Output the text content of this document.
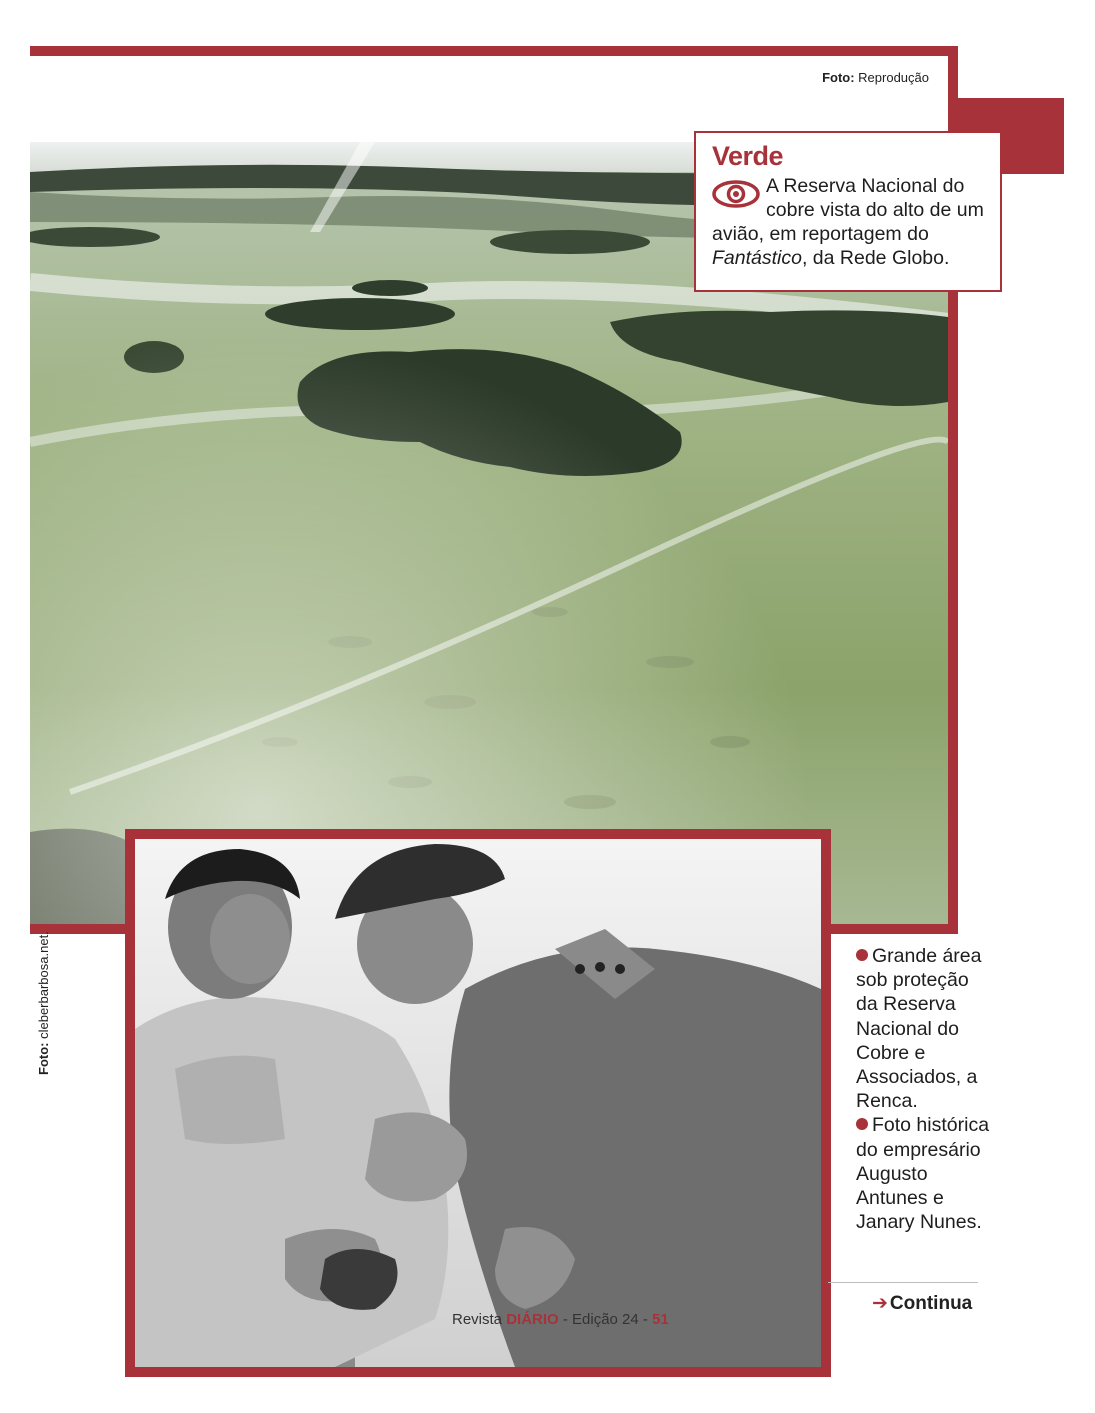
Foto: Reprodução
Verde
A Reserva Nacional do cobre vista do alto de um avião, em reportagem do Fantástico, da Rede Globo.
Foto: cleberbarbosa.net.	Grande área sob proteção da Reserva Nacional do Cobre e Associados, a Renca.
Foto histórica do empresário Augusto Antunes e Janary Nunes.
➔ Continua
Revista DIÁRIO - Edição 24 - 51
